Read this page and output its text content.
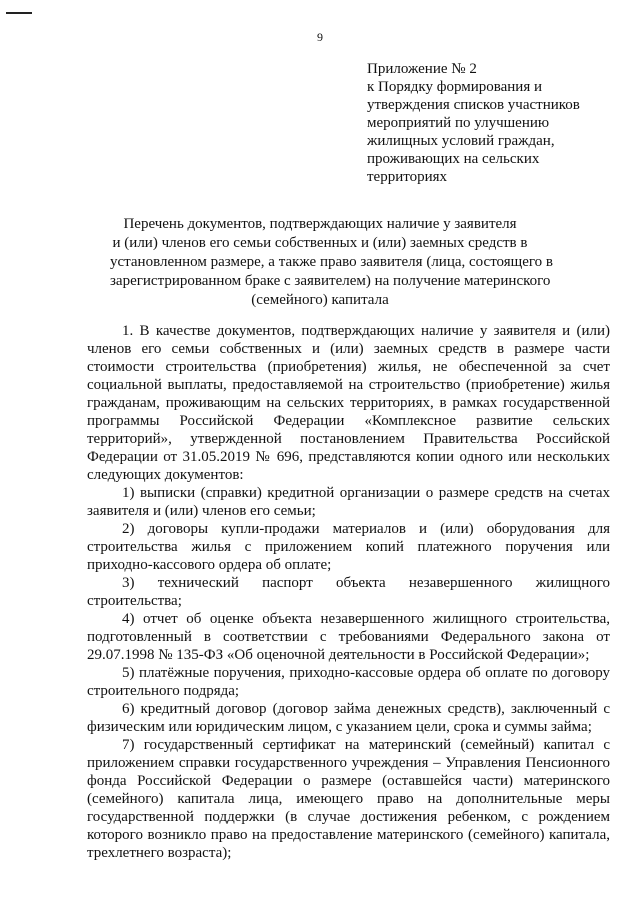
9
Приложение № 2
к Порядку формирования и
утверждения списков участников
мероприятий по улучшению
жилищных условий граждан,
проживающих на сельских
территориях
Перечень документов, подтверждающих наличие у заявителя
и (или) членов его семьи собственных и (или) заемных средств в
установленном размере, а также право заявителя (лица, состоящего в
зарегистрированном браке с заявителем) на получение материнского
(семейного) капитала

1. В качестве документов, подтверждающих наличие у заявителя и (или) членов его семьи собственных и (или) заемных средств в размере части стоимости строительства (приобретения) жилья, не обеспеченной за счет социальной выплаты, предоставляемой на строительство (приобретение) жилья гражданам, проживающим на сельских территориях, в рамках государственной программы Российской Федерации «Комплексное развитие сельских территорий», утвержденной постановлением Правительства Российской Федерации от 31.05.2019 № 696, представляются копии одного или нескольких следующих документов:

1) выписки (справки) кредитной организации о размере средств на счетах заявителя и (или) членов его семьи;

2) договоры купли-продажи материалов и (или) оборудования для строительства жилья с приложением копий платежного поручения или приходно-кассового ордера об оплате;

3) технический паспорт объекта незавершенного жилищного строительства;

4) отчет об оценке объекта незавершенного жилищного строительства, подготовленный в соответствии с требованиями Федерального закона от 29.07.1998 № 135-ФЗ «Об оценочной деятельности в Российской Федерации»;

5) платёжные поручения, приходно-кассовые ордера об оплате по договору строительного подряда;

6) кредитный договор (договор займа денежных средств), заключенный с физическим или юридическим лицом, с указанием цели, срока и суммы займа;

7) государственный сертификат на материнский (семейный) капитал с приложением справки государственного учреждения – Управления Пенсионного фонда Российской Федерации о размере (оставшейся части) материнского (семейного) капитала лица, имеющего право на дополнительные меры государственной поддержки (в случае достижения ребенком, с рождением которого возникло право на предоставление материнского (семейного) капитала, трехлетнего возраста);
